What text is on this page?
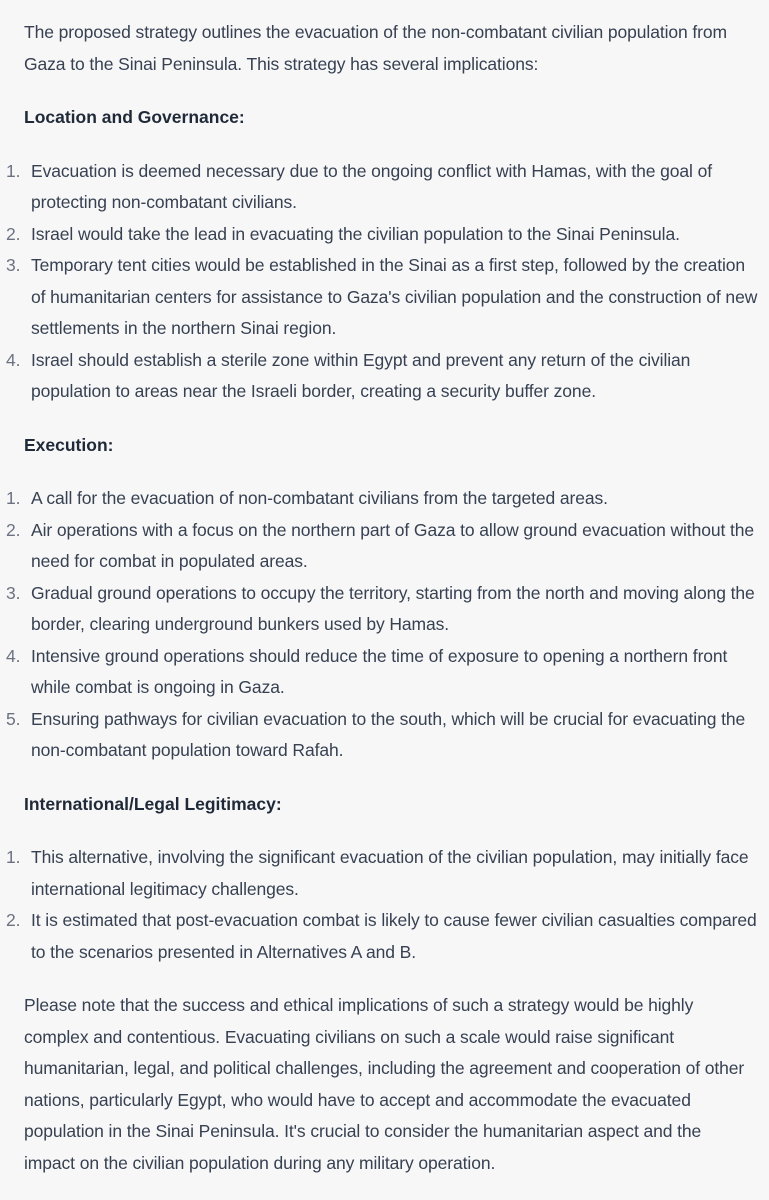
The proposed strategy outlines the evacuation of the non-combatant civilian population from Gaza to the Sinai Peninsula. This strategy has several implications:

Location and Governance:
1. Evacuation is deemed necessary due to the ongoing conflict with Hamas, with the goal of protecting non-combatant civilians.
2. Israel would take the lead in evacuating the civilian population to the Sinai Peninsula.
3. Temporary tent cities would be established in the Sinai as a first step, followed by the creation of humanitarian centers for assistance to Gaza's civilian population and the construction of new settlements in the northern Sinai region.
4. Israel should establish a sterile zone within Egypt and prevent any return of the civilian population to areas near the Israeli border, creating a security buffer zone.
Execution:
1. A call for the evacuation of non-combatant civilians from the targeted areas.
2. Air operations with a focus on the northern part of Gaza to allow ground evacuation without the need for combat in populated areas.
3. Gradual ground operations to occupy the territory, starting from the north and moving along the border, clearing underground bunkers used by Hamas.
4. Intensive ground operations should reduce the time of exposure to opening a northern front while combat is ongoing in Gaza.
5. Ensuring pathways for civilian evacuation to the south, which will be crucial for evacuating the non-combatant population toward Rafah.
International/Legal Legitimacy:
1. This alternative, involving the significant evacuation of the civilian population, may initially face international legitimacy challenges.
2. It is estimated that post-evacuation combat is likely to cause fewer civilian casualties compared to the scenarios presented in Alternatives A and B.

Please note that the success and ethical implications of such a strategy would be highly complex and contentious. Evacuating civilians on such a scale would raise significant humanitarian, legal, and political challenges, including the agreement and cooperation of other nations, particularly Egypt, who would have to accept and accommodate the evacuated population in the Sinai Peninsula. It's crucial to consider the humanitarian aspect and the impact on the civilian population during any military operation.
